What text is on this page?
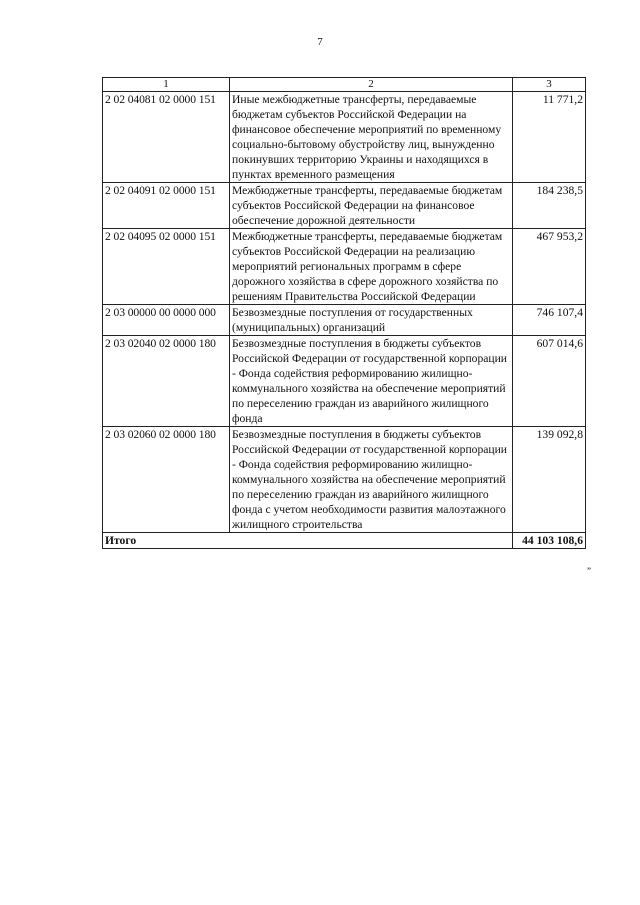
7
1	2	3
2 02 04081 02 0000 151	Иные межбюджетные трансферты, передаваемые бюджетам субъектов Российской Федерации на финансовое обеспечение мероприятий по временному социально-бытовому обустройству лиц, вынужденно покинувших территорию Украины и находящихся в пунктах временного размещения	11 771,2
2 02 04091 02 0000 151	Межбюджетные трансферты, передаваемые бюджетам субъектов Российской Федерации на финансовое обеспечение дорожной деятельности	184 238,5
2 02 04095 02 0000 151	Межбюджетные трансферты, передаваемые бюджетам субъектов Российской Федерации на реализацию мероприятий региональных программ в сфере дорожного хозяйства в сфере дорожного хозяйства по решениям Правительства Российской Федерации	467 953,2
2 03 00000 00 0000 000	Безвозмездные поступления от государственных (муниципальных) организаций	746 107,4
2 03 02040 02 0000 180	Безвозмездные поступления в бюджеты субъектов Российской Федерации от государственной корпорации - Фонда содействия реформированию жилищно-коммунального хозяйства на обеспечение мероприятий по переселению граждан из аварийного жилищного фонда	607 014,6
2 03 02060 02 0000 180	Безвозмездные поступления в бюджеты субъектов Российской Федерации от государственной корпорации - Фонда содействия реформированию жилищно-коммунального хозяйства на обеспечение мероприятий по переселению граждан из аварийного жилищного фонда с учетом необходимости развития малоэтажного жилищного строительства	139 092,8
Итого		44 103 108,6
”
